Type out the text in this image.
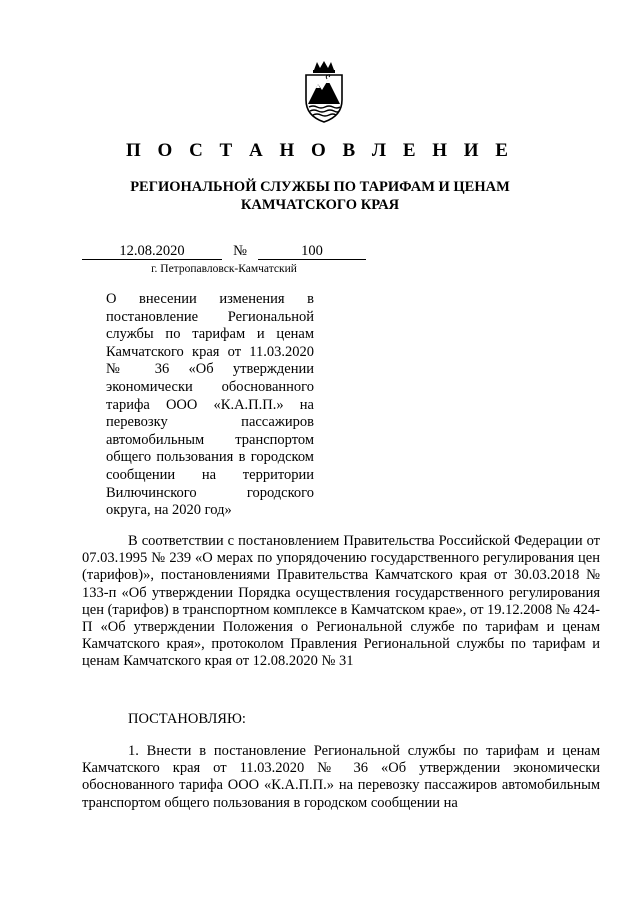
П О С Т А Н О В Л Е Н И Е
РЕГИОНАЛЬНОЙ СЛУЖБЫ ПО ТАРИФАМ И ЦЕНАМ КАМЧАТСКОГО КРАЯ
12.08.2020	№	100
г. Петропавловск-Камчатский
О внесении изменения в постановление Региональной службы по тарифам и ценам Камчатского края от 11.03.2020 № 36 «Об утверждении экономически обоснованного тарифа ООО «К.А.П.П.» на перевозку пассажиров автомобильным транспортом общего пользования в городском сообщении на территории Вилючинского городского округа, на 2020 год»
В соответствии с постановлением Правительства Российской Федерации от 07.03.1995 № 239 «О мерах по упорядочению государственного регулирования цен (тарифов)», постановлениями Правительства Камчатского края от 30.03.2018 № 133-п «Об утверждении Порядка осуществления государственного регулирования цен (тарифов) в транспортном комплексе в Камчатском крае», от 19.12.2008 № 424-П «Об утверждении Положения о Региональной службе по тарифам и ценам Камчатского края», протоколом Правления Региональной службы по тарифам и ценам Камчатского края от 12.08.2020 № 31
ПОСТАНОВЛЯЮ:
1. Внести в постановление Региональной службы по тарифам и ценам Камчатского края от 11.03.2020 № 36 «Об утверждении экономически обоснованного тарифа ООО «К.А.П.П.» на перевозку пассажиров автомобильным транспортом общего пользования в городском сообщении на
